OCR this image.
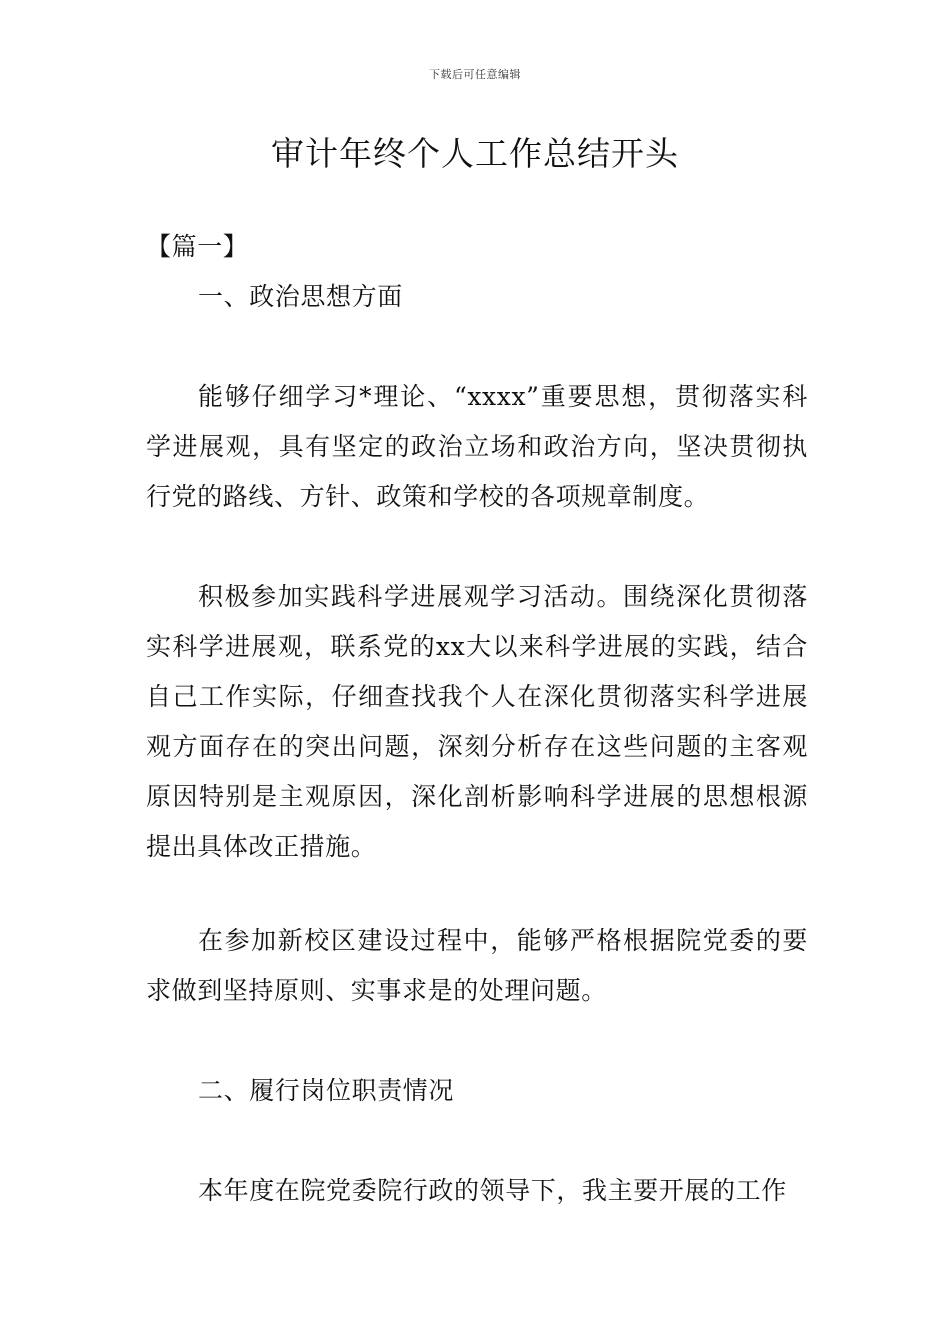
下载后可任意编辑
审计年终个人工作总结开头

【篇一】

一、政治思想方面

能够仔细学习*理论、“xxxx”重要思想，贯彻落实科学进展观，具有坚定的政治立场和政治方向，坚决贯彻执行党的路线、方针、政策和学校的各项规章制度。

积极参加实践科学进展观学习活动。围绕深化贯彻落实科学进展观，联系党的xx大以来科学进展的实践，结合自己工作实际，仔细查找我个人在深化贯彻落实科学进展观方面存在的突出问题，深刻分析存在这些问题的主客观原因特别是主观原因，深化剖析影响科学进展的思想根源提出具体改正措施。

在参加新校区建设过程中，能够严格根据院党委的要求做到坚持原则、实事求是的处理问题。

二、履行岗位职责情况

本年度在院党委院行政的领导下，我主要开展的工作
